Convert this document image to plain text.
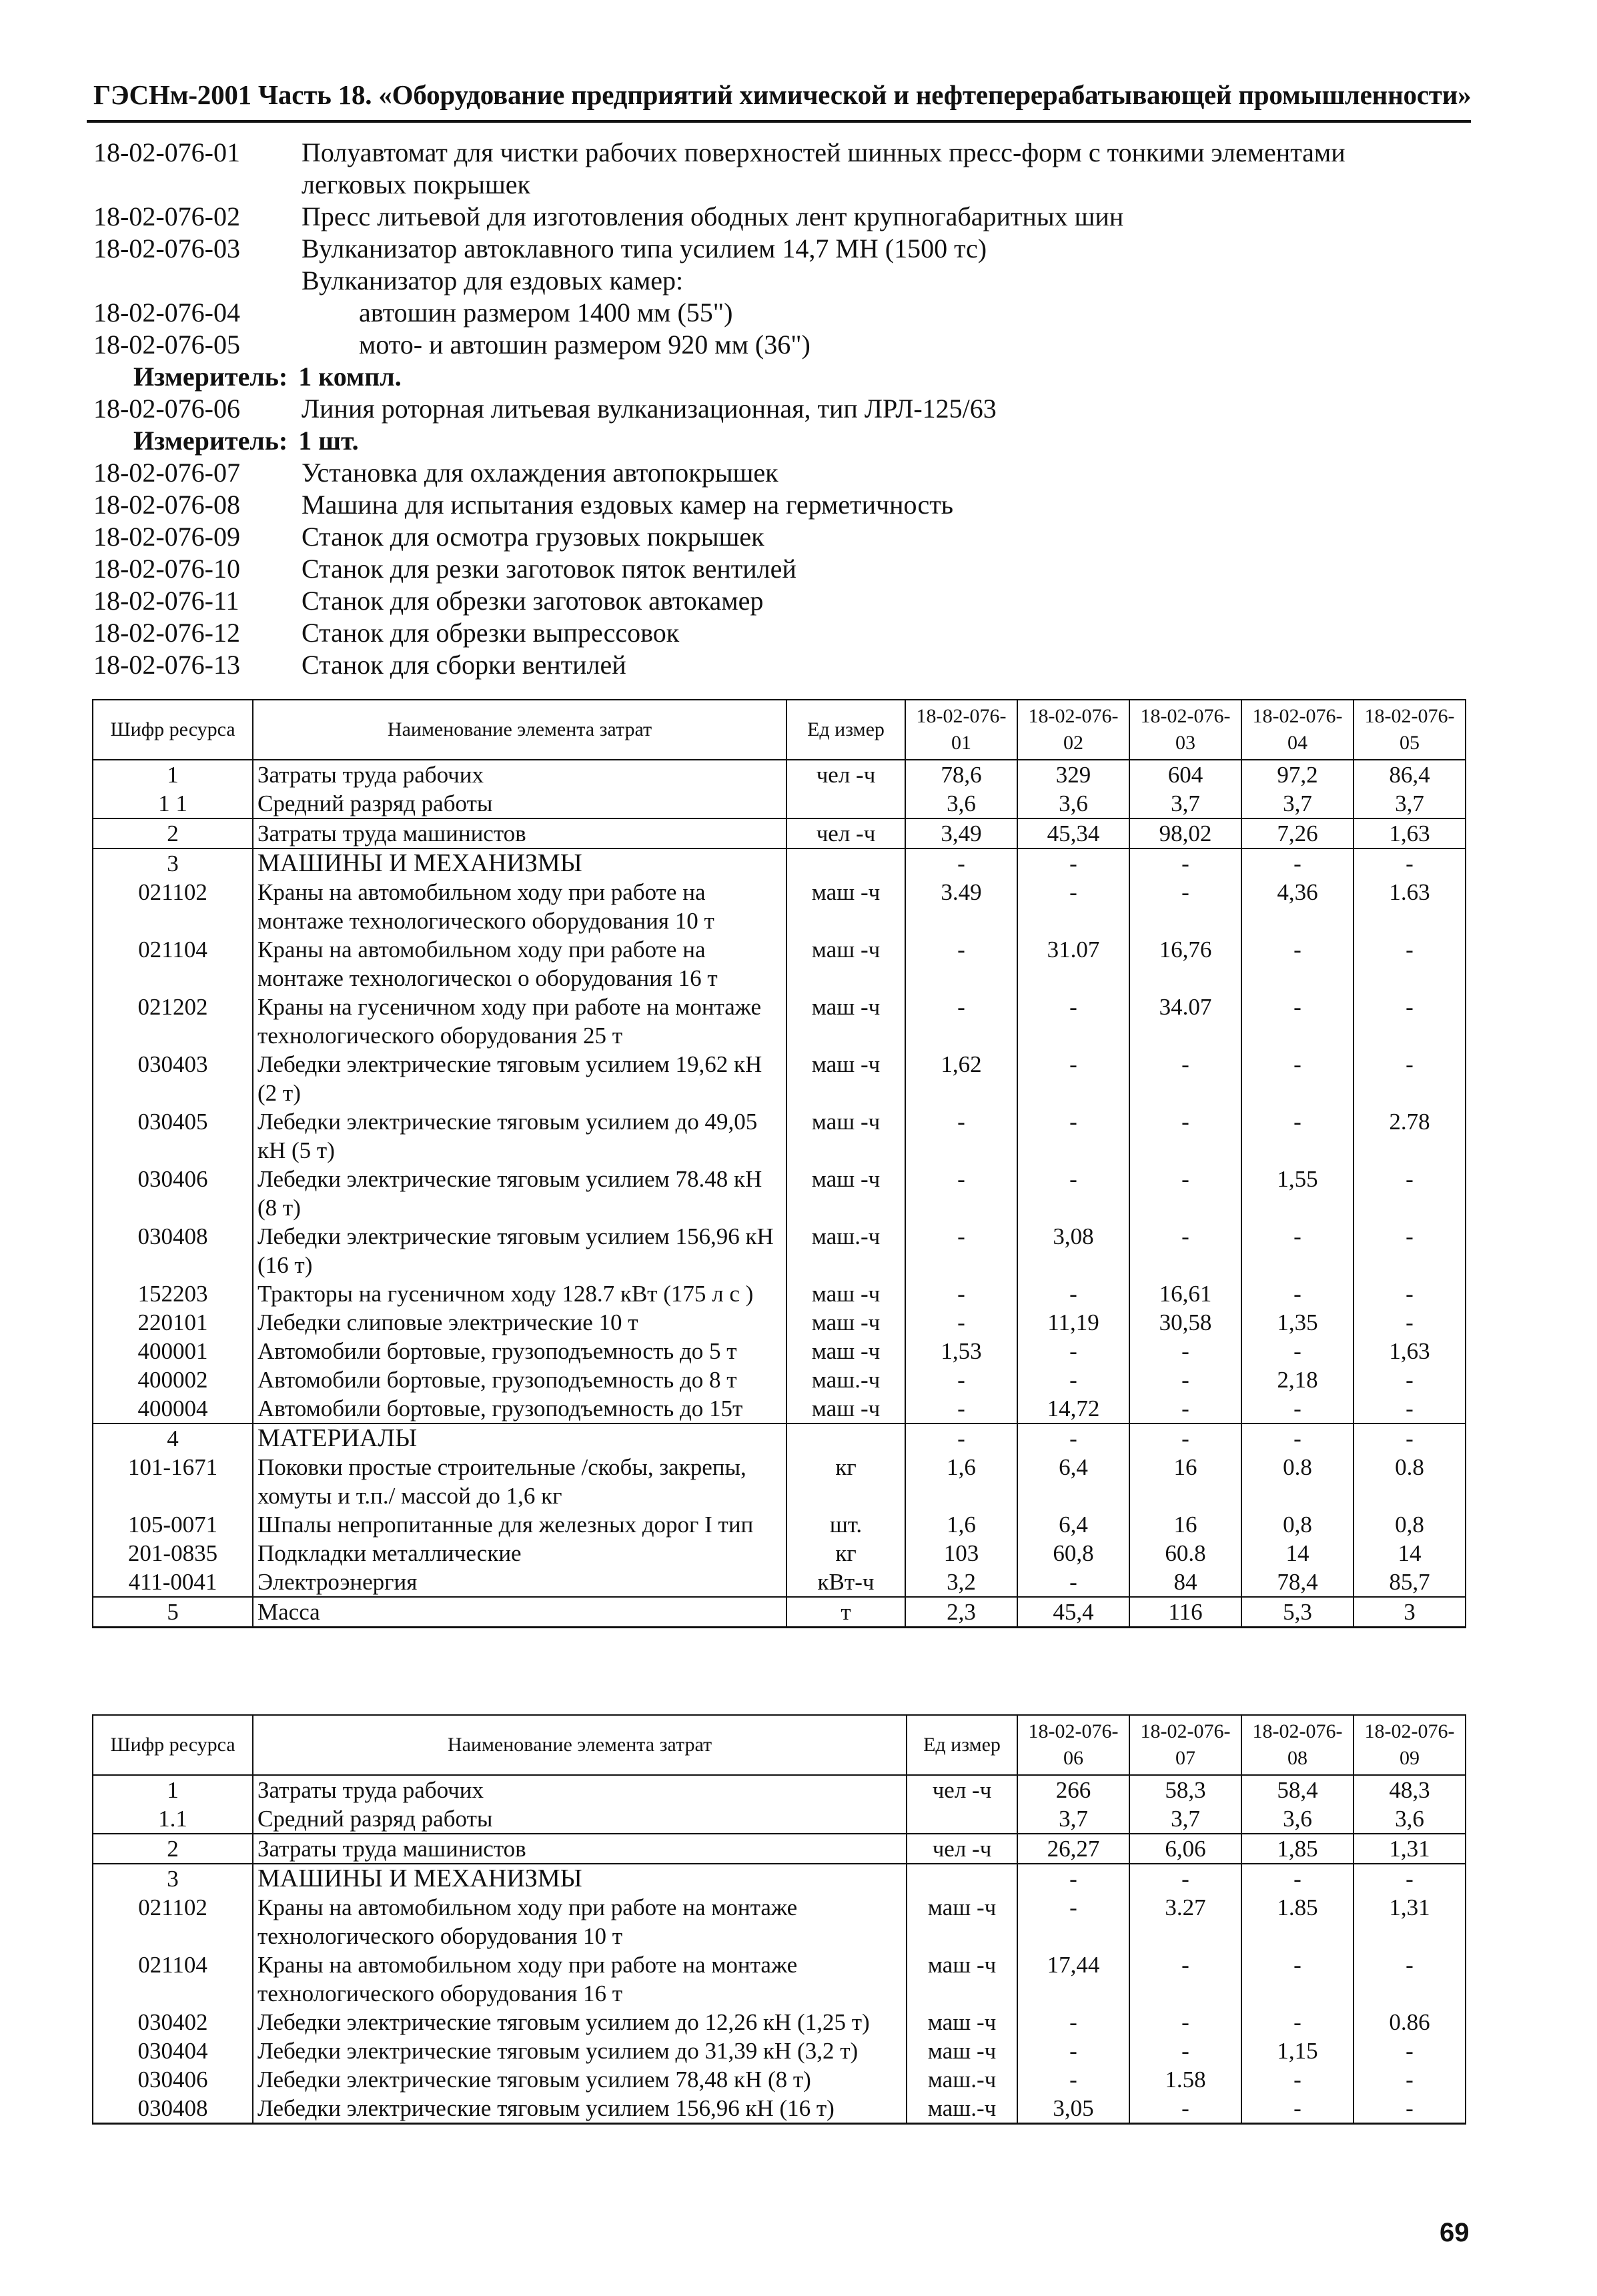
ГЭСНм-2001 Часть 18. «Оборудование предприятий химической и нефтеперерабатывающей промышленности»
18-02-076-01	Полуавтомат для чистки рабочих поверхностей шинных пресс-форм с тонкими элементами
легковых покрышек
18-02-076-02	Пресс литьевой для изготовления ободных лент крупногабаритных шин
18-02-076-03	Вулканизатор автоклавного типа усилием 14,7 МН (1500 тс)
Вулканизатор для ездовых камер:
18-02-076-04	автошин размером 1400 мм (55")
18-02-076-05	мото- и автошин размером 920 мм (36")
Измеритель: 1 компл.
18-02-076-06	Линия роторная литьевая вулканизационная, тип ЛРЛ-125/63
Измеритель: 1 шт.
18-02-076-07	Установка для охлаждения автопокрышек
18-02-076-08	Машина для испытания ездовых камер на герметичность
18-02-076-09	Станок для осмотра грузовых покрышек
18-02-076-10	Станок для резки заготовок пяток вентилей
18-02-076-11	Станок для обрезки заготовок автокамер
18-02-076-12	Станок для обрезки выпрессовок
18-02-076-13	Станок для сборки вентилей
Шифр ресурса	Наименование элемента затрат	Ед измер	18-02-076-01	18-02-076-02	18-02-076-03	18-02-076-04	18-02-076-05
1	Затраты труда рабочих	чел -ч	78,6	329	604	97,2	86,4
1 1	Средний разряд работы		3,6	3,6	3,7	3,7	3,7
2	Затраты труда машинистов	чел -ч	3,49	45,34	98,02	7,26	1,63
3	МАШИНЫ И МЕХАНИЗМЫ		-	-	-	-	-
021102	Краны на автомобильном ходу при работе на монтаже технологического оборудования 10 т	маш -ч	3.49	-	-	4,36	1.63
021104	Краны на автомобильном ходу при работе на монтаже технологическоı о оборудования 16 т	маш -ч	-	31.07	16,76	-	-
021202	Краны на гусеничном ходу при работе на монтаже технологического оборудования 25 т	маш -ч	-	-	34.07	-	-
030403	Лебедки электрические тяговым усилием 19,62 кН (2 т)	маш -ч	1,62	-	-	-	-
030405	Лебедки электрические тяговым усилием до 49,05 кН (5 т)	маш -ч	-	-	-	-	2.78
030406	Лебедки электрические тяговым усилием 78.48 кН (8 т)	маш -ч	-	-	-	1,55	-
030408	Лебедки электрические тяговым усилием 156,96 кН (16 т)	маш.-ч	-	3,08	-	-	-
152203	Тракторы на гусеничном ходу 128.7 кВт (175 л с )	маш -ч	-	-	16,61	-	-
220101	Лебедки слиповые электрические 10 т	маш -ч	-	11,19	30,58	1,35	-
400001	Автомобили бортовые, грузоподъемность до 5 т	маш -ч	1,53	-	-	-	1,63
400002	Автомобили бортовые, грузоподъемность до 8 т	маш.-ч	-	-	-	2,18	-
400004	Автомобили бортовые, грузоподъемность до 15т	маш -ч	-	14,72	-	-	-
4	МАТЕРИАЛЫ		-	-	-	-	-
101-1671	Поковки простые строительные /скобы, закрепы, хомуты и т.п./ массой до 1,6 кг	кг	1,6	6,4	16	0.8	0.8
105-0071	Шпалы непропитанные для железных дорог I тип	шт.	1,6	6,4	16	0,8	0,8
201-0835	Подкладки металлические	кг	103	60,8	60.8	14	14
411-0041	Электроэнергия	кВт-ч	3,2	-	84	78,4	85,7
5	Масса	т	2,3	45,4	116	5,3	3
Шифр ресурса	Наименование элемента затрат	Ед измер	18-02-076-06	18-02-076-07	18-02-076-08	18-02-076-09
1	Затраты труда рабочих	чел -ч	266	58,3	58,4	48,3
1.1	Средний разряд работы		3,7	3,7	3,6	3,6
2	Затраты труда машинистов	чел -ч	26,27	6,06	1,85	1,31
3	МАШИНЫ И МЕХАНИЗМЫ		-	-	-	-
021102	Краны на автомобильном ходу при работе на монтаже технологического оборудования 10 т	маш -ч	-	3.27	1.85	1,31
021104	Краны на автомобильном ходу при работе на монтаже технологического оборудования 16 т	маш -ч	17,44	-	-	-
030402	Лебедки электрические тяговым усилием до 12,26 кН (1,25 т)	маш -ч	-	-	-	0.86
030404	Лебедки электрические тяговым усилием до 31,39 кН (3,2 т)	маш -ч	-	-	1,15	-
030406	Лебедки электрические тяговым усилием 78,48 кН (8 т)	маш.-ч	-	1.58	-	-
030408	Лебедки электрические тяговым усилием 156,96 кН (16 т)	маш.-ч	3,05	-	-	-
69
